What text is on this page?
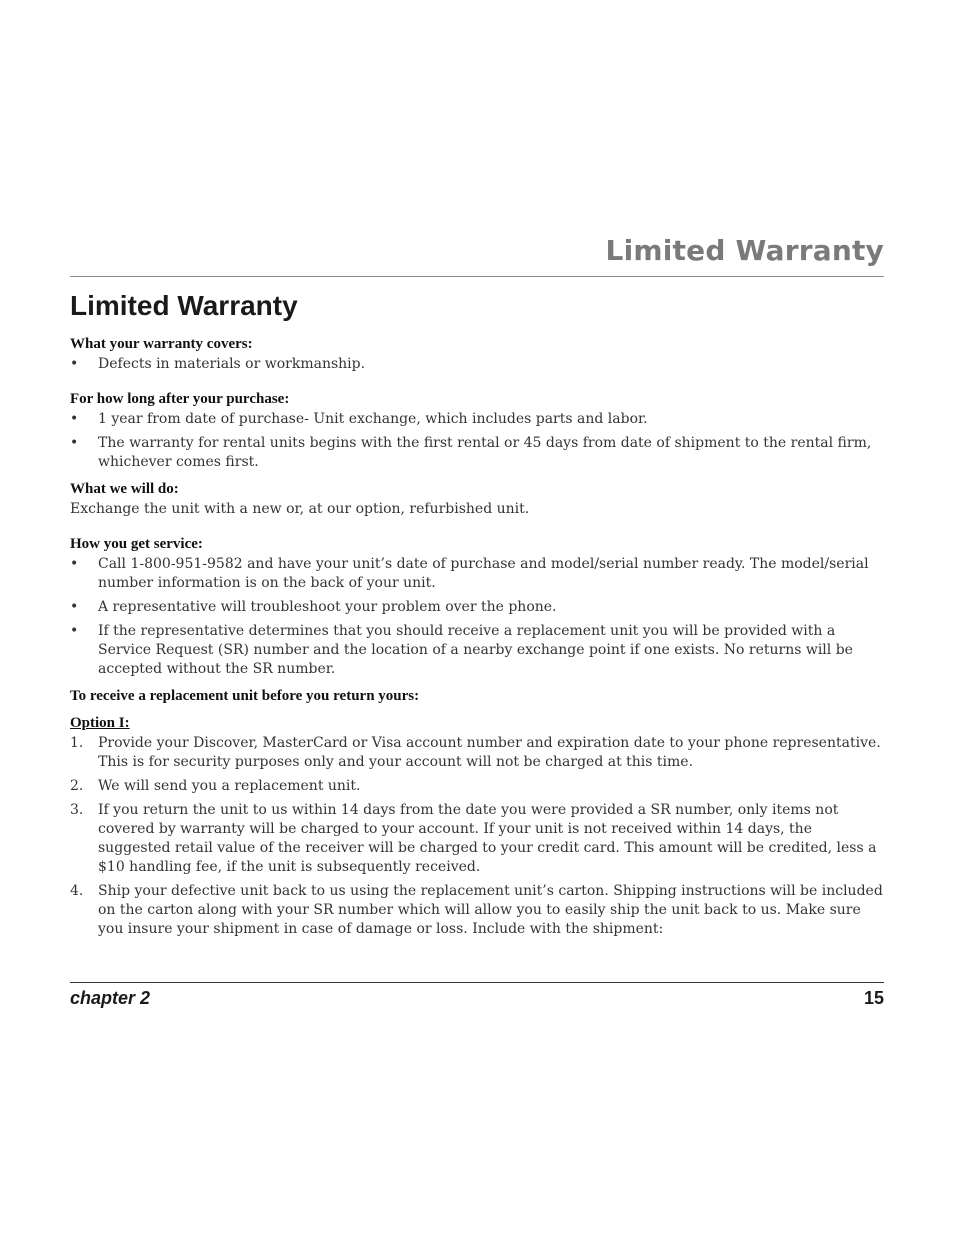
Limited Warranty
Limited Warranty
What your warranty covers:
•	Defects in materials or workmanship.
For how long after your purchase:
•	1 year from date of purchase- Unit exchange, which includes parts and labor.
•	The warranty for rental units begins with the first rental or 45 days from date of shipment to the rental firm, whichever comes first.
What we will do:

Exchange the unit with a new or, at our option, refurbished unit.

How you get service:
•	Call 1-800-951-9582 and have your unit’s date of purchase and model/serial number ready. The model/serial number information is on the back of your unit.
•	A representative will troubleshoot your problem over the phone.
•	If the representative determines that you should receive a replacement unit you will be provided with a Service Request (SR) number and the location of a nearby exchange point if one exists. No returns will be accepted without the SR number.
To receive a replacement unit before you return yours:
Option I:
1.	Provide your Discover, MasterCard or Visa account number and expiration date to your phone representative. This is for security purposes only and your account will not be charged at this time.
2.	We will send you a replacement unit.
3.	If you return the unit to us within 14 days from the date you were provided a SR number, only items not covered by warranty will be charged to your account. If your unit is not received within 14 days, the suggested retail value of the receiver will be charged to your credit card. This amount will be credited, less a $10 handling fee, if the unit is subsequently received.
4.	Ship your defective unit back to us using the replacement unit’s carton. Shipping instructions will be included on the carton along with your SR number which will allow you to easily ship the unit back to us. Make sure you insure your shipment in case of damage or loss. Include with the shipment:
chapter 2	15
